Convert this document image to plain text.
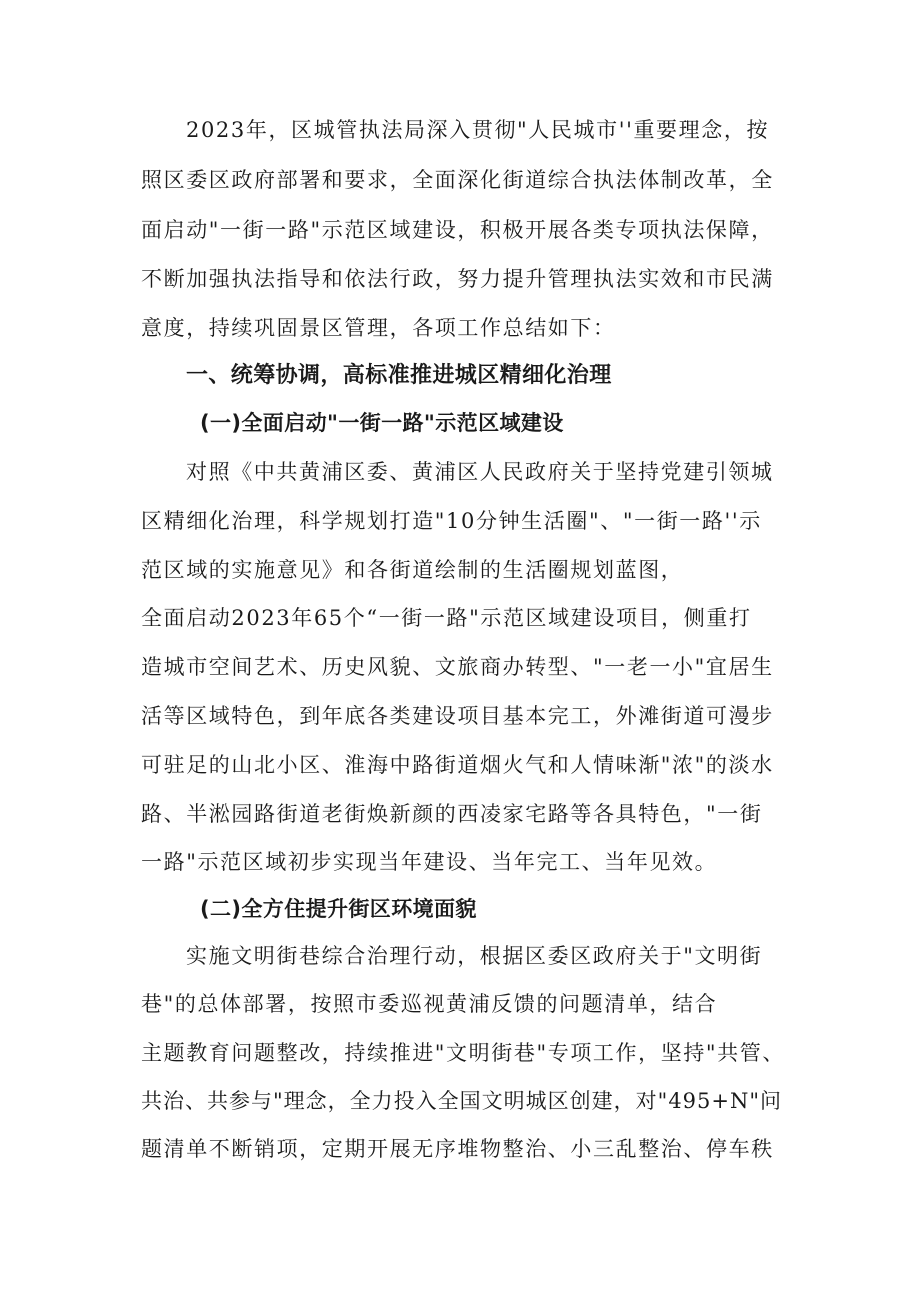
2023年，区城管执法局深入贯彻"人民城市''重要理念，按
照区委区政府部署和要求，全面深化街道综合执法体制改革，全
面启动"一街一路"示范区域建设，积极开展各类专项执法保障，
不断加强执法指导和依法行政，努力提升管理执法实效和市民满
意度，持续巩固景区管理，各项工作总结如下：
一、统筹协调，高标准推进城区精细化治理
(一)全面启动"一街一路"示范区域建设
对照《中共黄浦区委、黄浦区人民政府关于坚持党建引领城
区精细化治理，科学规划打造"10分钟生活圈"、"一街一路''示
范区域的实施意见》和各街道绘制的生活圈规划蓝图，
全面启动2023年65个“一街一路"示范区域建设项目，侧重打
造城市空间艺术、历史风貌、文旅商办转型、"一老一小"宜居生
活等区域特色，到年底各类建设项目基本完工，外滩街道可漫步
可驻足的山北小区、淮海中路街道烟火气和人情味渐"浓"的淡水
路、半淞园路街道老街焕新颜的西凌家宅路等各具特色，"一街
一路"示范区域初步实现当年建设、当年完工、当年见效。
(二)全方住提升街区环境面貌
实施文明街巷综合治理行动，根据区委区政府关于"文明街
巷"的总体部署，按照市委巡视黄浦反馈的问题清单，结合
主题教育问题整改，持续推进"文明街巷"专项工作，坚持"共管、
共治、共参与"理念，全力投入全国文明城区创建，对"495+N"问
题清单不断销项，定期开展无序堆物整治、小三乱整治、停车秩
